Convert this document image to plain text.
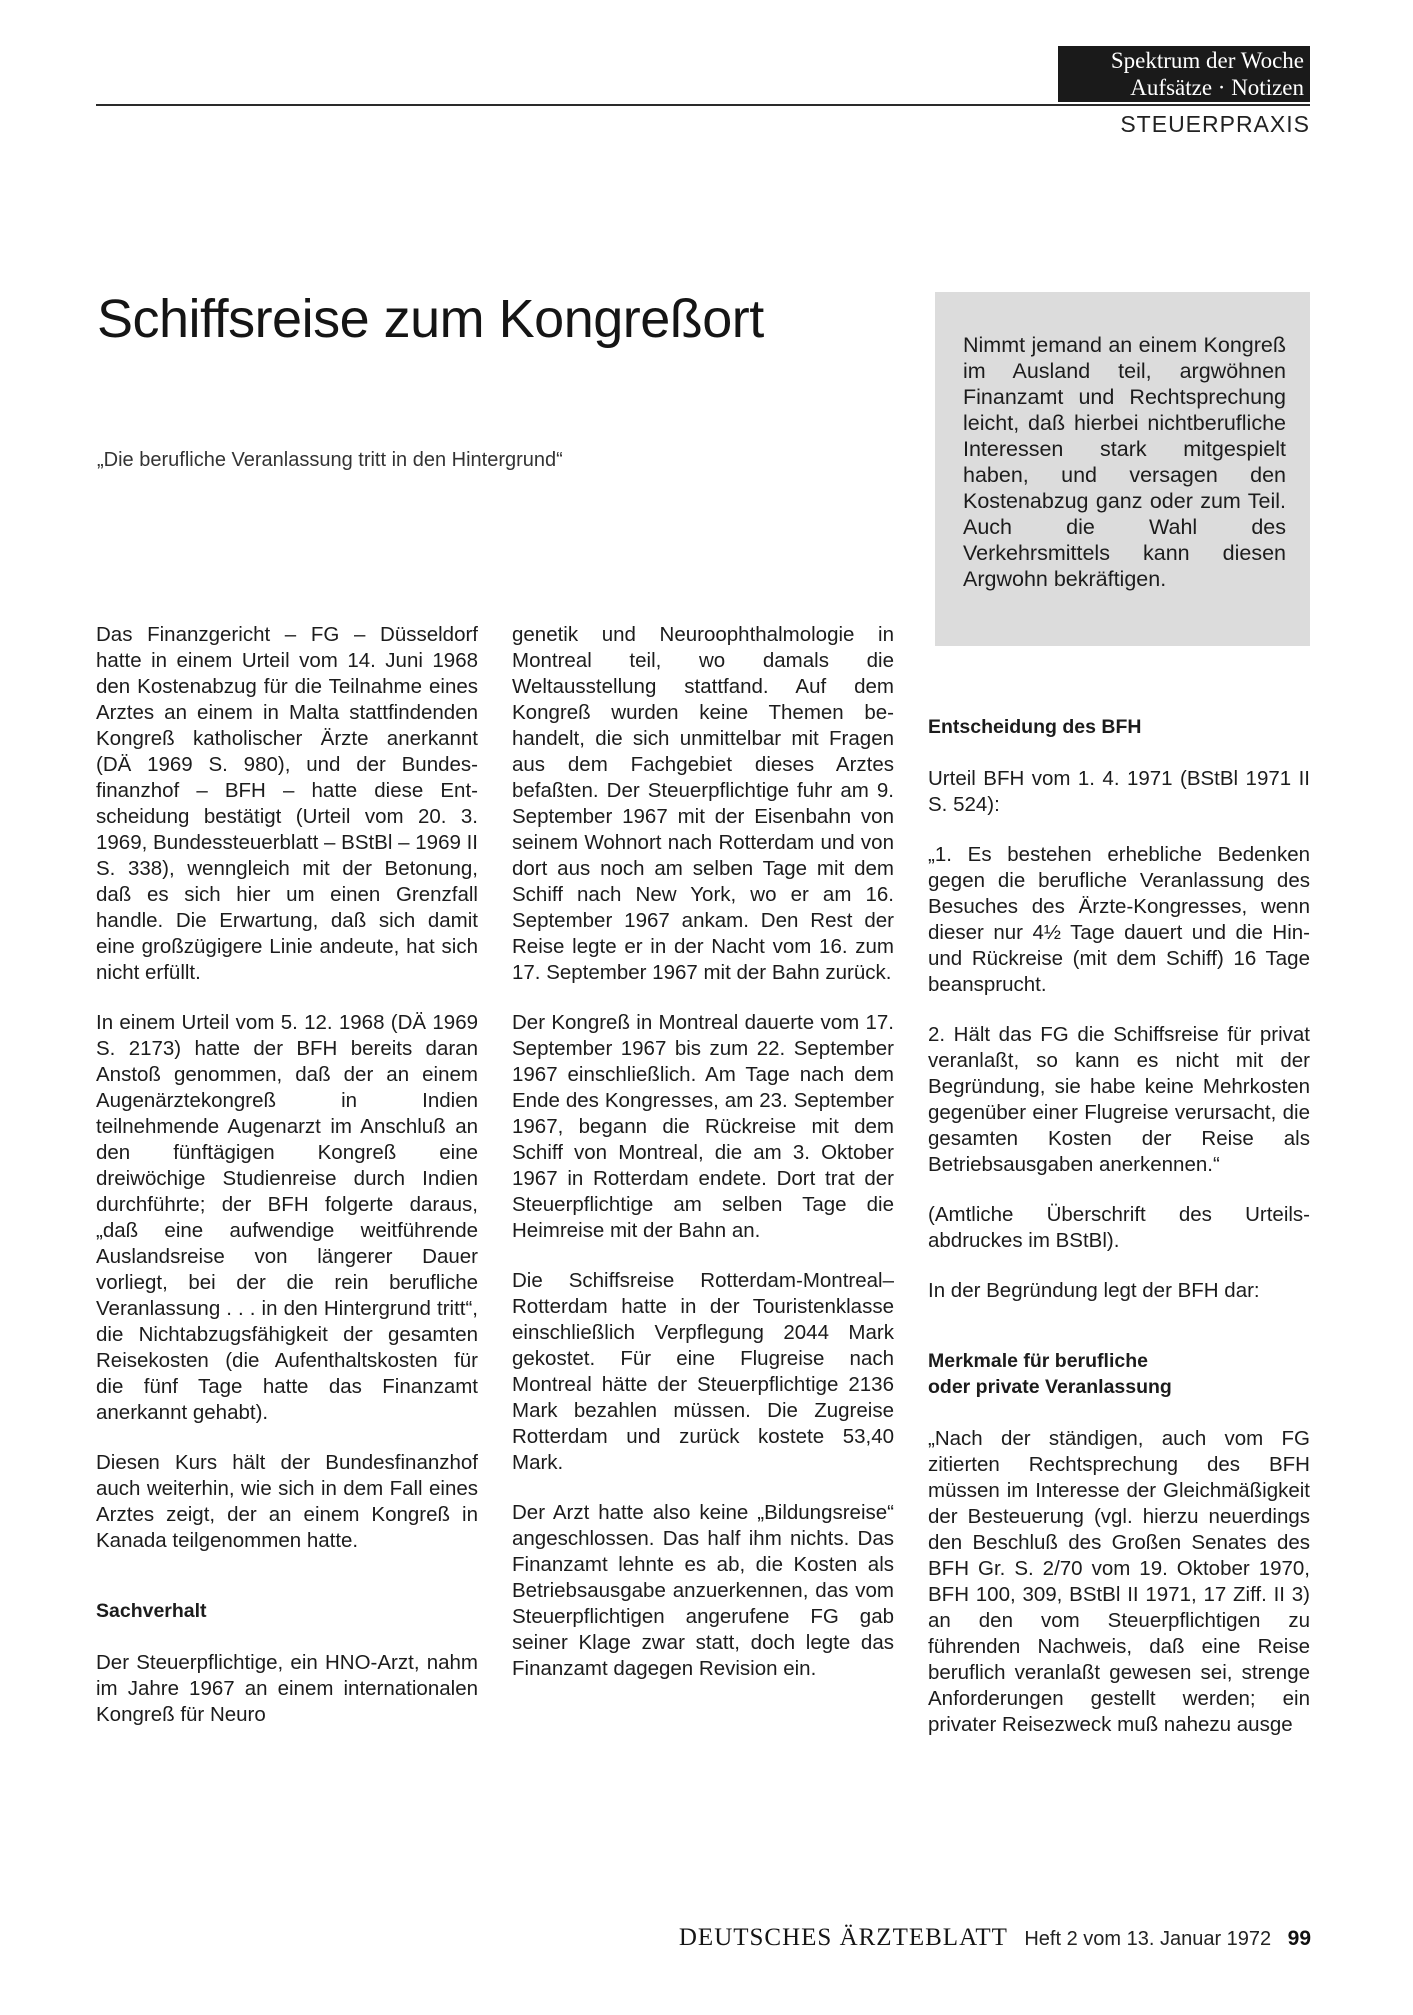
Spektrum der Woche
Aufsätze · Notizen
STEUERPRAXIS
Schiffsreise zum Kongreßort
„Die berufliche Veranlassung tritt in den Hintergrund“

Nimmt jemand an einem Kongreß im Ausland teil, argwöhnen Finanzamt und Rechtsprechung leicht, daß hierbei nichtberufliche Interessen stark mitgespielt haben, und versagen den Kostenabzug ganz oder zum Teil. Auch die Wahl des Verkehrsmittels kann diesen Argwohn bekräftigen.

Das Finanzgericht – FG – Düsseldorf hatte in einem Urteil vom 14. Juni 1968 den Kostenabzug für die Teilnahme eines Arztes an einem in Malta stattfindenden Kongreß katholischer Ärzte anerkannt (DÄ 1969 S. 980), und der Bundesfinanzhof – BFH – hatte diese Entscheidung bestätigt (Urteil vom 20. 3. 1969, Bundessteuerblatt – BStBl – 1969 II S. 338), wenngleich mit der Betonung, daß es sich hier um einen Grenzfall handle. Die Erwartung, daß sich damit eine großzügigere Linie andeute, hat sich nicht erfüllt.

In einem Urteil vom 5. 12. 1968 (DÄ 1969 S. 2173) hatte der BFH bereits daran Anstoß genommen, daß der an einem Augenärztekongreß in Indien teilnehmende Augenarzt im Anschluß an den fünftägigen Kongreß eine dreiwöchige Studienreise durch Indien durchführte; der BFH folgerte daraus, „daß eine aufwendige weitführende Auslandsreise von längerer Dauer vorliegt, bei der die rein berufliche Veranlassung . . . in den Hintergrund tritt“, die Nichtabzugsfähigkeit der gesamten Reisekosten (die Aufenthaltskosten für die fünf Tage hatte das Finanzamt anerkannt gehabt).

Diesen Kurs hält der Bundesfinanzhof auch weiterhin, wie sich in dem Fall eines Arztes zeigt, der an einem Kongreß in Kanada teilgenommen hatte.

Sachverhalt

Der Steuerpflichtige, ein HNO-Arzt, nahm im Jahre 1967 an einem internationalen Kongreß für Neuro

genetik und Neuroophthalmologie in Montreal teil, wo damals die Weltausstellung stattfand. Auf dem Kongreß wurden keine Themen behandelt, die sich unmittelbar mit Fragen aus dem Fachgebiet dieses Arztes befaßten. Der Steuerpflichtige fuhr am 9. September 1967 mit der Eisenbahn von seinem Wohnort nach Rotterdam und von dort aus noch am selben Tage mit dem Schiff nach New York, wo er am 16. September 1967 ankam. Den Rest der Reise legte er in der Nacht vom 16. zum 17. September 1967 mit der Bahn zurück.

Der Kongreß in Montreal dauerte vom 17. September 1967 bis zum 22. September 1967 einschließlich. Am Tage nach dem Ende des Kongresses, am 23. September 1967, begann die Rückreise mit dem Schiff von Montreal, die am 3. Oktober 1967 in Rotterdam endete. Dort trat der Steuerpflichtige am selben Tage die Heimreise mit der Bahn an.

Die Schiffsreise Rotterdam-Montreal–Rotterdam hatte in der Touristenklasse einschließlich Verpflegung 2044 Mark gekostet. Für eine Flugreise nach Montreal hätte der Steuerpflichtige 2136 Mark bezahlen müssen. Die Zugreise Rotterdam und zurück kostete 53,40 Mark.

Der Arzt hatte also keine „Bildungsreise“ angeschlossen. Das half ihm nichts. Das Finanzamt lehnte es ab, die Kosten als Betriebsausgabe anzuerkennen, das vom Steuerpflichtigen angerufene FG gab seiner Klage zwar statt, doch legte das Finanzamt dagegen Revision ein.

Entscheidung des BFH

Urteil BFH vom 1. 4. 1971 (BStBl 1971 II S. 524):

„1. Es bestehen erhebliche Bedenken gegen die berufliche Veranlassung des Besuches des Ärzte-Kongresses, wenn dieser nur 4½ Tage dauert und die Hin- und Rückreise (mit dem Schiff) 16 Tage beansprucht.

2. Hält das FG die Schiffsreise für privat veranlaßt, so kann es nicht mit der Begründung, sie habe keine Mehrkosten gegenüber einer Flugreise verursacht, die gesamten Kosten der Reise als Betriebsausgaben anerkennen.“

(Amtliche Überschrift des Urteilsabdruckes im BStBl).

In der Begründung legt der BFH dar:

Merkmale für berufliche
oder private Veranlassung

„Nach der ständigen, auch vom FG zitierten Rechtsprechung des BFH müssen im Interesse der Gleichmäßigkeit der Besteuerung (vgl. hierzu neuerdings den Beschluß des Großen Senates des BFH Gr. S. 2/70 vom 19. Oktober 1970, BFH 100, 309, BStBl II 1971, 17 Ziff. II 3) an den vom Steuerpflichtigen zu führenden Nachweis, daß eine Reise beruflich veranlaßt gewesen sei, strenge Anforderungen gestellt werden; ein privater Reisezweck muß nahezu ausge

DEUTSCHES ÄRZTEBLATT Heft 2 vom 13. Januar 1972 99
